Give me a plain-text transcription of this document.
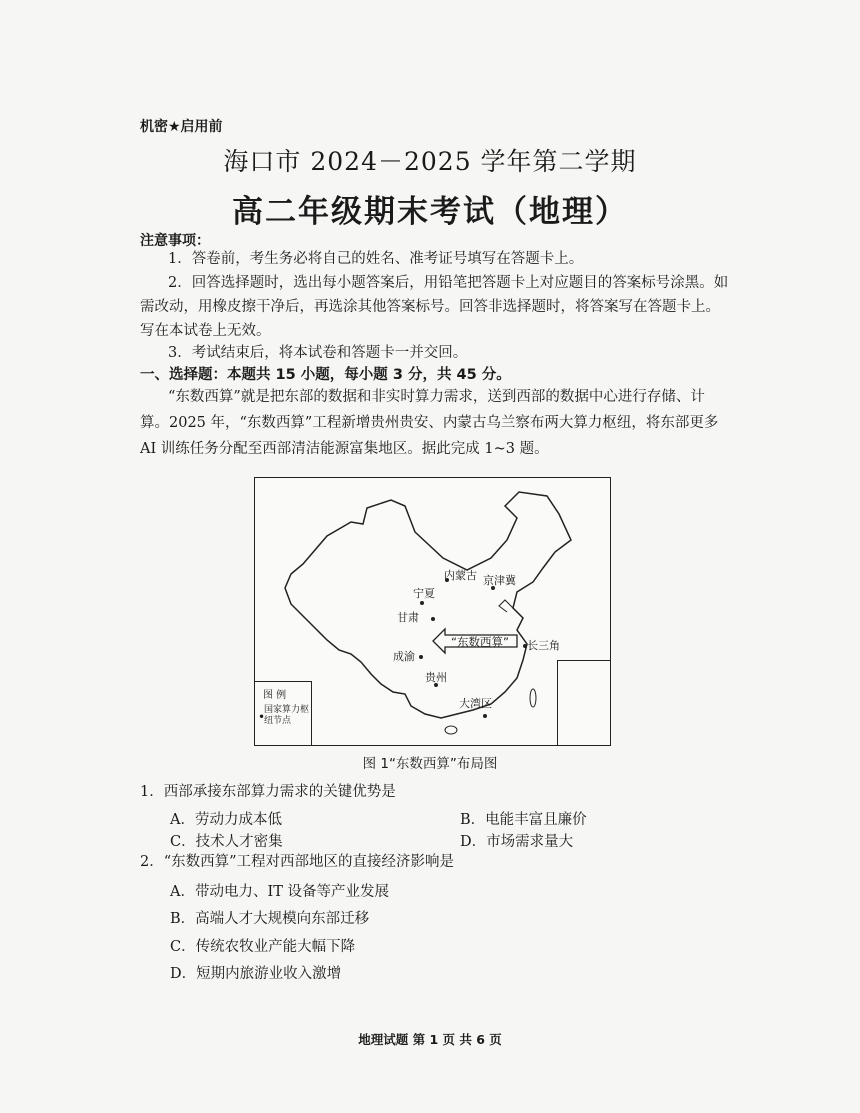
机密★启用前
海口市 2024－2025 学年第二学期
高二年级期末考试（地理）
注意事项：
1．答卷前，考生务必将自己的姓名、准考证号填写在答题卡上。
2．回答选择题时，选出每小题答案后，用铅笔把答题卡上对应题目的答案标号涂黑。如需改动，用橡皮擦干净后，再选涂其他答案标号。回答非选择题时，将答案写在答题卡上。写在本试卷上无效。
3．考试结束后，将本试卷和答题卡一并交回。
一、选择题：本题共 15 小题，每小题 3 分，共 45 分。
“东数西算”就是把东部的数据和非实时算力需求，送到西部的数据中心进行存储、计算。2025 年，“东数西算”工程新增贵州贵安、内蒙古乌兰察布两大算力枢纽，将东部更多 AI 训练任务分配至西部清洁能源富集地区。据此完成 1~3 题。
内蒙古 京津冀
宁夏
甘肃
“东数西算” 长三角
成渝
贵州
大湾区
图 例
•
国家算力枢纽节点
图 1“东数西算”布局图
1．西部承接东部算力需求的关键优势是
A．劳动力成本低	B．电能丰富且廉价
C．技术人才密集	D．市场需求量大
2．“东数西算”工程对西部地区的直接经济影响是
A．带动电力、IT 设备等产业发展
B．高端人才大规模向东部迁移
C．传统农牧业产能大幅下降
D．短期内旅游业收入激增
地理试题 第 1 页 共 6 页
